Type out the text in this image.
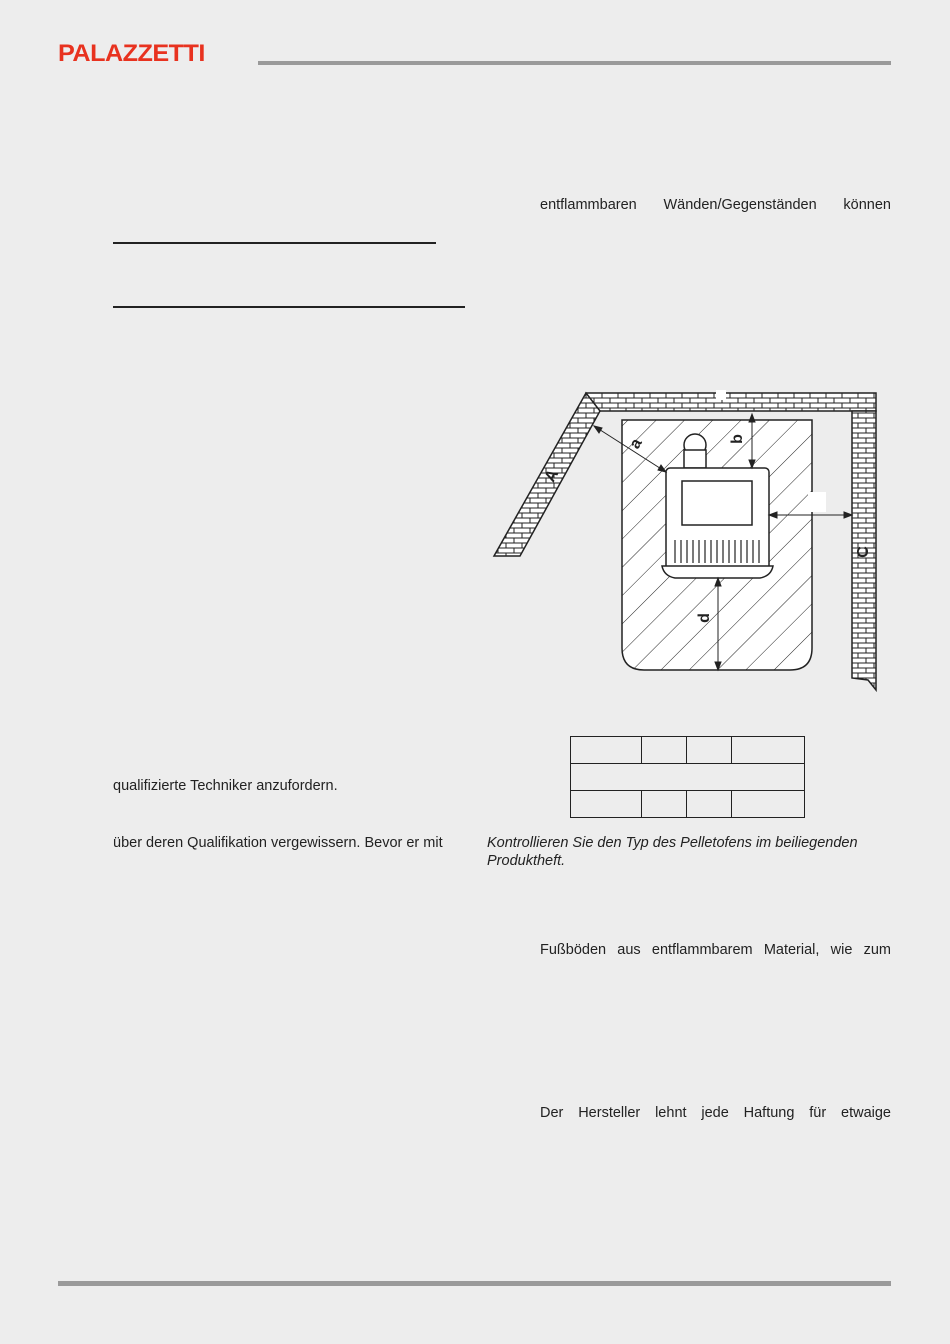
PALAZZETTI
entflammbaren Wänden/Gegenständen können
a	b
d
A
C

qualifizierte Techniker anzufordern.
über deren Qualifikation vergewissern. Bevor er mit	Kontrollieren Sie den Typ des Pelletofens im beiliegenden Produktheft.
Fußböden aus entflammbarem Material, wie zum
Der Hersteller lehnt jede Haftung für etwaige
